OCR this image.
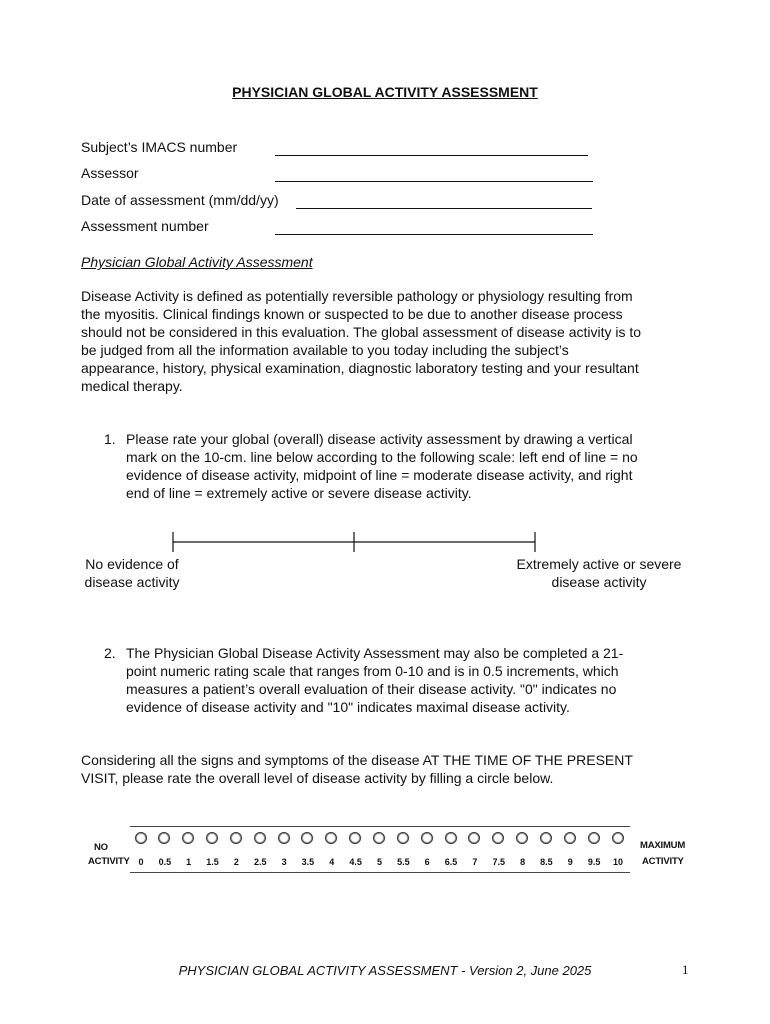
PHYSICIAN GLOBAL ACTIVITY ASSESSMENT
Subject’s IMACS number
Assessor
Date of assessment (mm/dd/yy)
Assessment number
Physician Global Activity Assessment
Disease Activity is defined as potentially reversible pathology or physiology resulting from
the myositis. Clinical findings known or suspected to be due to another disease process
should not be considered in this evaluation. The global assessment of disease activity is to
be judged from all the information available to you today including the subject’s
appearance, history, physical examination, diagnostic laboratory testing and your resultant
medical therapy.
1. Please rate your global (overall) disease activity assessment by drawing a vertical
mark on the 10-cm. line below according to the following scale: left end of line = no
evidence of disease activity, midpoint of line = moderate disease activity, and right
end of line = extremely active or severe disease activity.
No evidence of
disease activity
Extremely active or severe
disease activity
2. The Physician Global Disease Activity Assessment may also be completed a 21-
point numeric rating scale that ranges from 0-10 and is in 0.5 increments, which
measures a patient’s overall evaluation of their disease activity. "0" indicates no
evidence of disease activity and "10" indicates maximal disease activity.
Considering all the signs and symptoms of the disease AT THE TIME OF THE PRESENT
VISIT, please rate the overall level of disease activity by filling a circle below.
NO
ACTIVITY
MAXIMUM
ACTIVITY
0	0.5	1	1.5	2	2.5	3	3.5	4	4.5	5	5.5	6	6.5	7	7.5	8	8.5	9	9.5	10
PHYSICIAN GLOBAL ACTIVITY ASSESSMENT - Version 2, June 2025	1
